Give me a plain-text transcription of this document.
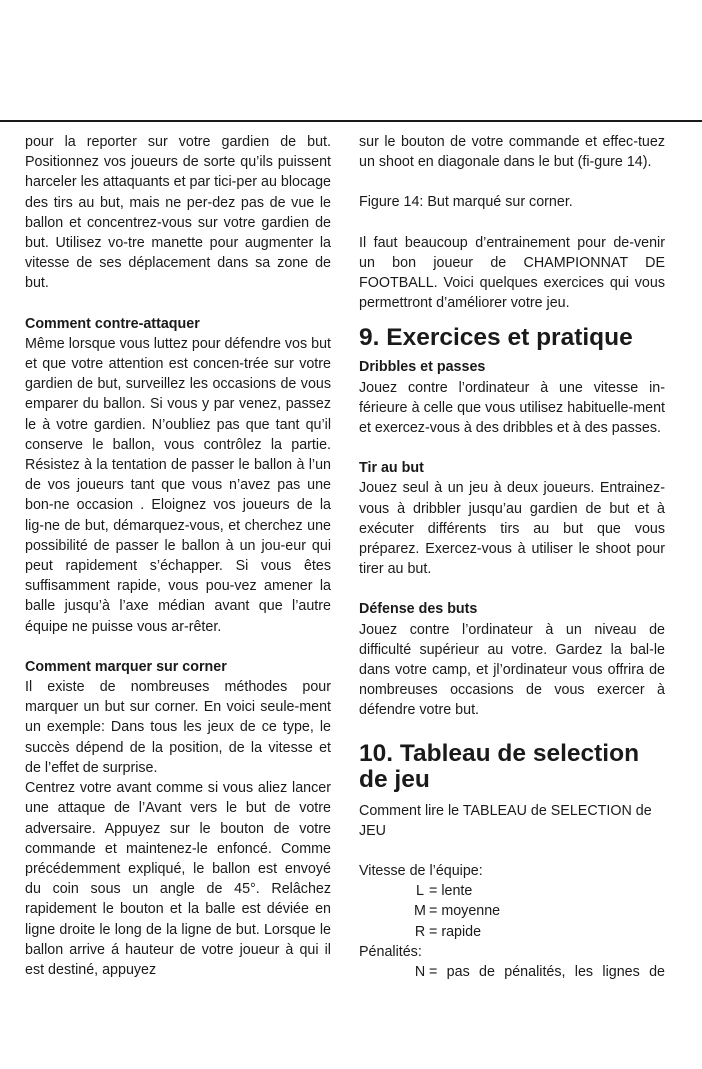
pour la reporter sur votre gardien de but. Positionnez vos joueurs de sorte qu’ils puissent harceler les attaquants et par tici-per au blocage des tirs au but, mais ne per-dez pas de vue le ballon et concentrez-vous sur votre gardien de but. Utilisez vo-tre manette pour augmenter la vitesse de ses déplacement dans sa zone de but.

Comment contre-attaquer

Même lorsque vous luttez pour défendre vos but et que votre attention est concen-trée sur votre gardien de but, surveillez les occasions de vous emparer du ballon. Si vous y par venez, passez le à votre gardien. N’oubliez pas que tant qu’il conserve le ballon, vous contrôlez la partie. Résistez à la tentation de passer le ballon à l’un de vos joueurs tant que vous n’avez pas une bon-ne occasion . Eloignez vos joueurs de la lig-ne de but, démarquez-vous, et cherchez une possibilité de passer le ballon à un jou-eur qui peut rapidement s’échapper. Si vous êtes suffisamment rapide, vous pou-vez amener la balle jusqu’à l’axe médian avant que l’autre équipe ne puisse vous ar-rêter.

Comment marquer sur corner

Il existe de nombreuses méthodes pour marquer un but sur corner. En voici seule-ment un exemple: Dans tous les jeux de ce type, le succès dépend de la position, de la vitesse et de l’effet de surprise.

Centrez votre avant comme si vous aliez lancer une attaque de l’Avant vers le but de votre adversaire. Appuyez sur le bouton de votre commande et maintenez-le enfoncé. Comme précédemment expliqué, le ballon est envoyé du coin sous un angle de 45°. Relâchez rapidement le bouton et la balle est déviée en ligne droite le long de la ligne de but. Lorsque le ballon arrive á hauteur de votre joueur à qui il est destiné, appuyez

sur le bouton de votre commande et effec-tuez un shoot en diagonale dans le but (fi-gure 14).

Figure 14: But marqué sur corner.

Il faut beaucoup d’entrainement pour de-venir un bon joueur de CHAMPIONNAT DE FOOTBALL. Voici quelques exercices qui vous permettront d’améliorer votre jeu.

9. Exercices et pratique
Dribbles et passes

Jouez contre l’ordinateur à une vitesse in-férieure à celle que vous utilisez habituelle-ment et exercez-vous à des dribbles et à des passes.

Tir au but

Jouez seul à un jeu à deux joueurs. Entrainez-vous à dribbler jusqu’au gardien de but et à exécuter différents tirs au but que vous préparez. Exercez-vous à utiliser le shoot pour tirer au but.

Défense des buts

Jouez contre l’ordinateur à un niveau de difficulté supérieur au votre. Gardez la bal-le dans votre camp, et jl’ordinateur vous offrira de nombreuses occasions de vous exercer à défendre votre but.

10. Tableau de selection de jeu

Comment lire le TABLEAU de SELECTION de JEU

Vitesse de l’équipe:
L = lente
M = moyenne
R = rapide
Pénalités:
N = pas de pénalités, les lignes de
